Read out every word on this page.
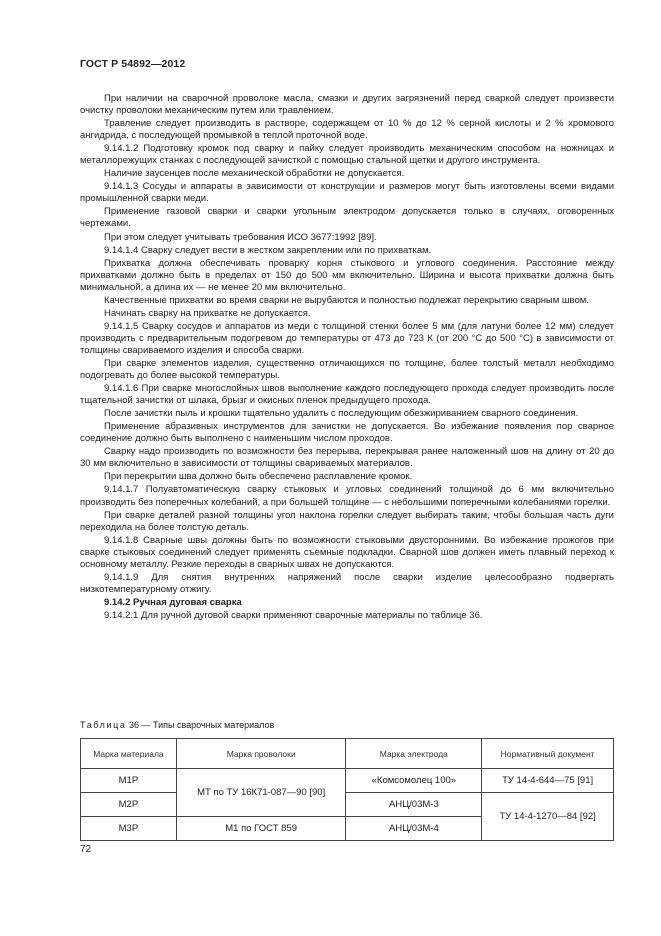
ГОСТ Р 54892—2012

При наличии на сварочной проволоке масла, смазки и других загрязнений перед сваркой следует произвести очистку проволоки механическим путем или травлением.

Травление следует производить в растворе, содержащем от 10 % до 12 % серной кислоты и 2 % хромового ангидрида, с последующей промывкой в теплой проточной воде.

9.14.1.2 Подготовку кромок под сварку и пайку следует производить механическим способом на ножницах и металлорежущих станках с последующей зачисткой с помощью стальной щетки и другого инструмента.

Наличие заусенцев после механической обработки не допускается.

9.14.1.3 Сосуды и аппараты в зависимости от конструкции и размеров могут быть изготовлены всеми видами промышленной сварки меди.

Применение газовой сварки и сварки угольным электродом допускается только в случаях, оговоренных чертежами.

При этом следует учитывать требования ИСО 3677:1992 [89].

9.14.1.4 Сварку следует вести в жестком закреплении или по прихваткам.

Прихватка должна обеспечивать проварку корня стыкового и углового соединения. Расстояние между прихватками должно быть в пределах от 150 до 500 мм включительно. Ширина и высота прихватки должна быть минимальной, а длина их — не менее 20 мм включительно.

Качественные прихватки во время сварки не вырубаются и полностью подлежат перекрытию сварным швом.

Начинать сварку на прихватке не допускается.

9.14.1.5 Сварку сосудов и аппаратов из меди с толщиной стенки более 5 мм (для латуни более 12 мм) следует производить с предварительным подогревом до температуры от 473 до 723 К (от 200 °С до 500 °С) в зависимости от толщины свариваемого изделия и способа сварки.

При сварке элементов изделия, существенно отличающихся по толщине, более толстый металл необходимо подогревать до более высокой температуры.

9.14.1.6 При сварке многослойных швов выполнение каждого последующего прохода следует производить после тщательной зачистки от шлака, брызг и окисных пленок предыдущего прохода.

После зачистки пыль и крошки тщательно удалить с последующим обезжириванием сварного соединения.

Применение абразивных инструментов для зачистки не допускается. Во избежание появления пор сварное соединение должно быть выполнено с наименьшим числом проходов.

Сварку надо производить по возможности без перерыва, перекрывая ранее наложенный шов на длину от 20 до 30 мм включительно в зависимости от толщины свариваемых материалов.

При перекрытии шва должно быть обеспечено расплавление кромок.

9.14.1.7 Полуавтоматическую сварку стыковых и угловых соединений толщиной до 6 мм включительно производить без поперечных колебаний, а при большей толщине — с небольшими поперечными колебаниями горелки.

При сварке деталей разной толщины угол наклона горелки следует выбирать таким, чтобы большая часть дуги переходила на более толстую деталь.

9.14.1.8 Сварные швы должны быть по возможности стыковыми двусторонними. Во избежание прожогов при сварке стыковых соединений следует применять съемные подкладки. Сварной шов должен иметь плавный переход к основному металлу. Резкие переходы в сварных швах не допускаются.

9.14.1.9 Для снятия внутренних напряжений после сварки изделие целесообразно подвергать низкотемпературному отжигу.

9.14.2 Ручная дуговая сварка

9.14.2.1 Для ручной дуговой сварки применяют сварочные материалы по таблице 36.

Таблица 36 — Типы сварочных материалов
Марка материала	Марка проволоки	Марка электрода	Нормативный документ
М1Р	МТ по ТУ 16К71-087—90 [90]	«Комсомолец 100»	ТУ 14-4-644—75 [91]
М2Р		АНЦ/03М-3	ТУ 14-4-1270—84 [92]
М3Р	М1 по ГОСТ 859	АНЦ/03М-4	
72
